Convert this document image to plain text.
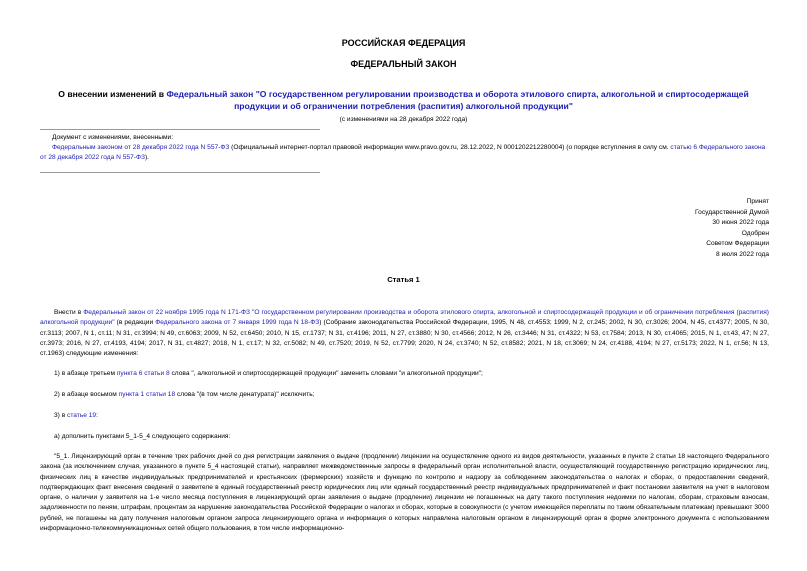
РОССИЙСКАЯ ФЕДЕРАЦИЯ
ФЕДЕРАЛЬНЫЙ ЗАКОН
О внесении изменений в Федеральный закон "О государственном регулировании производства и оборота этилового спирта, алкогольной и спиртосодержащей продукции и об ограничении потребления (распития) алкогольной продукции"
(с изменениями на 28 декабря 2022 года)
Документ с изменениями, внесенными:
Федеральным законом от 28 декабря 2022 года N 557-ФЗ (Официальный интернет-портал правовой информации www.pravo.gov.ru, 28.12.2022, N 0001202212280004) (о порядке вступления в силу см. статью 6 Федерального закона от 28 декабря 2022 года N 557-ФЗ).
Принят
Государственной Думой
30 июня 2022 года
Одобрен
Советом Федерации
8 июля 2022 года
Статья 1
Внести в Федеральный закон от 22 ноября 1995 года N 171-ФЗ "О государственном регулировании производства и оборота этилового спирта, алкогольной и спиртосодержащей продукции и об ограничении потребления (распития) алкогольной продукции" (в редакции Федерального закона от 7 января 1999 года N 18-ФЗ) (Собрание законодательства Российской Федерации, 1995, N 48, ст.4553; 1999, N 2, ст.245; 2002, N 30, ст.3026; 2004, N 45, ст.4377; 2005, N 30, ст.3113; 2007, N 1, ст.11; N 31, ст.3994; N 49, ст.6063; 2009, N 52, ст.6450; 2010, N 15, ст.1737; N 31, ст.4196; 2011, N 27, ст.3880; N 30, ст.4566; 2012, N 26, ст.3446; N 31, ст.4322; N 53, ст.7584; 2013, N 30, ст.4065; 2015, N 1, ст.43, 47; N 27, ст.3973; 2016, N 27, ст.4193, 4194; 2017, N 31, ст.4827; 2018, N 1, ст.17; N 32, ст.5082; N 49, ст.7520; 2019, N 52, ст.7799; 2020, N 24, ст.3740; N 52, ст.8582; 2021, N 18, ст.3069; N 24, ст.4188, 4194; N 27, ст.5173; 2022, N 1, ст.56; N 13, ст.1963) следующие изменения:
1) в абзаце третьем пункта 6 статьи 8 слова ", алкогольной и спиртосодержащей продукции" заменить словами "и алкогольной продукции";
2) в абзаце восьмом пункта 1 статьи 18 слова "(в том числе денатурата)" исключить;
3) в статье 19:
а) дополнить пунктами 5_1-5_4 следующего содержания:
"5_1. Лицензирующий орган в течение трех рабочих дней со дня регистрации заявления о выдаче (продлении) лицензии на осуществление одного из видов деятельности, указанных в пункте 2 статьи 18 настоящего Федерального закона (за исключением случая, указанного в пункте 5_4 настоящей статьи), направляет межведомственные запросы в федеральный орган исполнительной власти, осуществляющий государственную регистрацию юридических лиц, физических лиц в качестве индивидуальных предпринимателей и крестьянских (фермерских) хозяйств и функцию по контролю и надзору за соблюдением законодательства о налогах и сборах, о предоставлении сведений, подтверждающих факт внесения сведений о заявителе в единый государственный реестр юридических лиц или единый государственный реестр индивидуальных предпринимателей и факт постановки заявителя на учет в налоговом органе, о наличии у заявителя на 1-е число месяца поступления в лицензирующий орган заявления о выдаче (продлении) лицензии не погашенных на дату такого поступления недоимки по налогам, сборам, страховым взносам, задолженности по пеням, штрафам, процентам за нарушение законодательства Российской Федерации о налогах и сборах, которые в совокупности (с учетом имеющейся переплаты по таким обязательным платежам) превышают 3000 рублей, не погашены на дату получения налоговым органом запроса лицензирующего органа и информация о которых направлена налоговым органом в лицензирующий орган в форме электронного документа с использованием информационно-телекоммуникационных сетей общего пользования, в том числе информационно-
